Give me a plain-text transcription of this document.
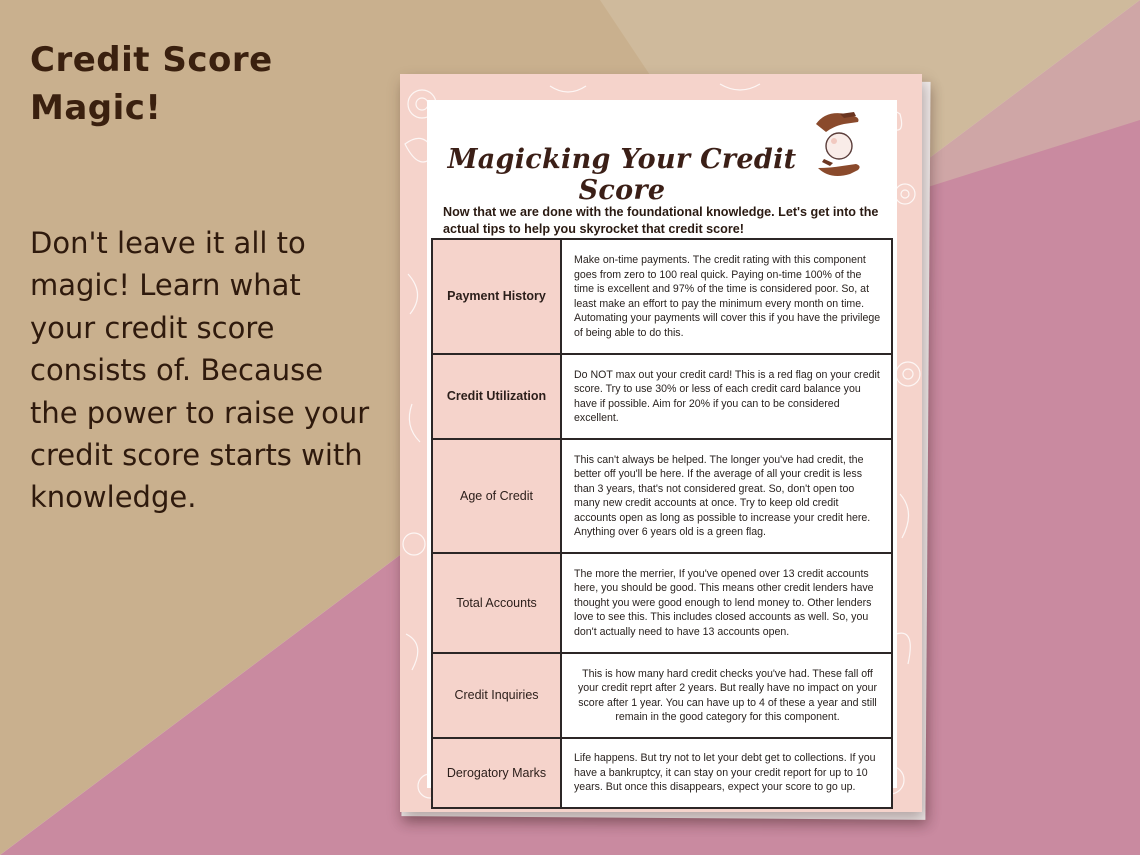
Credit Score Magic!

Don't leave it all to magic! Learn what your credit score consists of. Because the power to raise your credit score starts with knowledge.

Magicking Your Credit Score
Now that we are done with the foundational knowledge. Let's get into the actual tips to help you skyrocket that credit score!
Payment History	Make on-time payments. The credit rating with this component goes from zero to 100 real quick. Paying on-time 100% of the time is excellent and 97% of the time is considered poor. So, at least make an effort to pay the minimum every month on time. Automating your payments will cover this if you have the privilege of being able to do this.
Credit Utilization	Do NOT max out your credit card! This is a red flag on your credit score. Try to use 30% or less of each credit card balance you have if possible. Aim for 20% if you can to be considered excellent.
Age of Credit	This can't always be helped. The longer you've had credit, the better off you'll be here. If the average of all your credit is less than 3 years, that's not considered great. So, don't open too many new credit accounts at once. Try to keep old credit accounts open as long as possible to increase your credit here. Anything over 6 years old is a green flag.
Total Accounts	The more the merrier, If you've opened over 13 credit accounts here, you should be good. This means other credit lenders have thought you were good enough to lend money to. Other lenders love to see this. This includes closed accounts as well. So, you don't actually need to have 13 accounts open.
Credit Inquiries	This is how many hard credit checks you've had. These fall off your credit reprt after 2 years. But really have no impact on your score after 1 year. You can have up to 4 of these a year and still remain in the good category for this component.
Derogatory Marks	Life happens. But try not to let your debt get to collections. If you have a bankruptcy, it can stay on your credit report for up to 10 years. But once this disappears, expect your score to go up.
